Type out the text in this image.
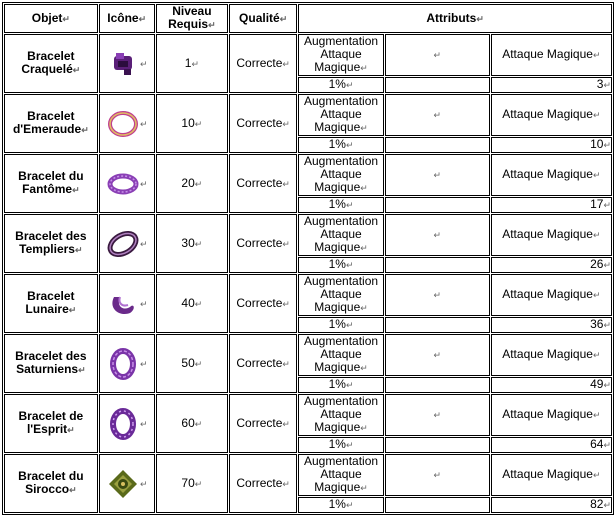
Objet↵	Icône↵	Niveau Requis↵	Qualité↵	Attributs↵		
Bracelet Craquelé↵	↵	1↵	Correcte↵	Augmentation Attaque Magique↵	↵	Attaque Magique↵
				1%↵		3↵
Bracelet d'Emeraude↵	↵	10↵	Correcte↵	Augmentation Attaque Magique↵	↵	Attaque Magique↵
				1%↵		10↵
Bracelet du Fantôme↵	↵	20↵	Correcte↵	Augmentation Attaque Magique↵	↵	Attaque Magique↵
				1%↵		17↵
Bracelet des Templiers↵	↵	30↵	Correcte↵	Augmentation Attaque Magique↵	↵	Attaque Magique↵
				1%↵		26↵
Bracelet Lunaire↵	↵	40↵	Correcte↵	Augmentation Attaque Magique↵	↵	Attaque Magique↵
				1%↵		36↵
Bracelet des Saturniens↵	↵	50↵	Correcte↵	Augmentation Attaque Magique↵	↵	Attaque Magique↵
				1%↵		49↵
Bracelet de l'Esprit↵	↵	60↵	Correcte↵	Augmentation Attaque Magique↵	↵	Attaque Magique↵
				1%↵		64↵
Bracelet du Sirocco↵	↵	70↵	Correcte↵	Augmentation Attaque Magique↵	↵	Attaque Magique↵
				1%↵		82↵
